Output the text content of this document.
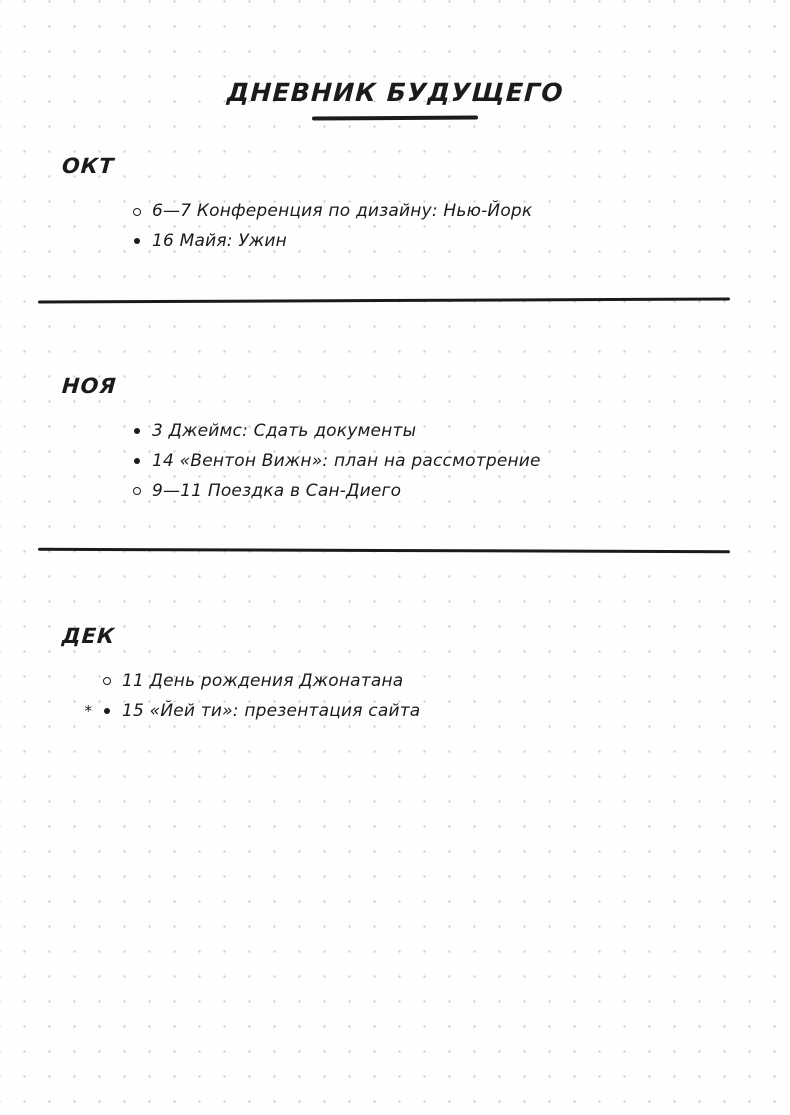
ДНЕВНИК БУДУЩЕГО
ОКТ
6—7 Конференция по дизайну: Нью-Йорк
16 Майя: Ужин
НОЯ
3 Джеймс: Сдать документы
14 «Вентон Вижн»: план на рассмотрение
9—11 Поездка в Сан-Диего
ДЕК
11 День рождения Джонатана
* 15 «Йей ти»: презентация сайта
